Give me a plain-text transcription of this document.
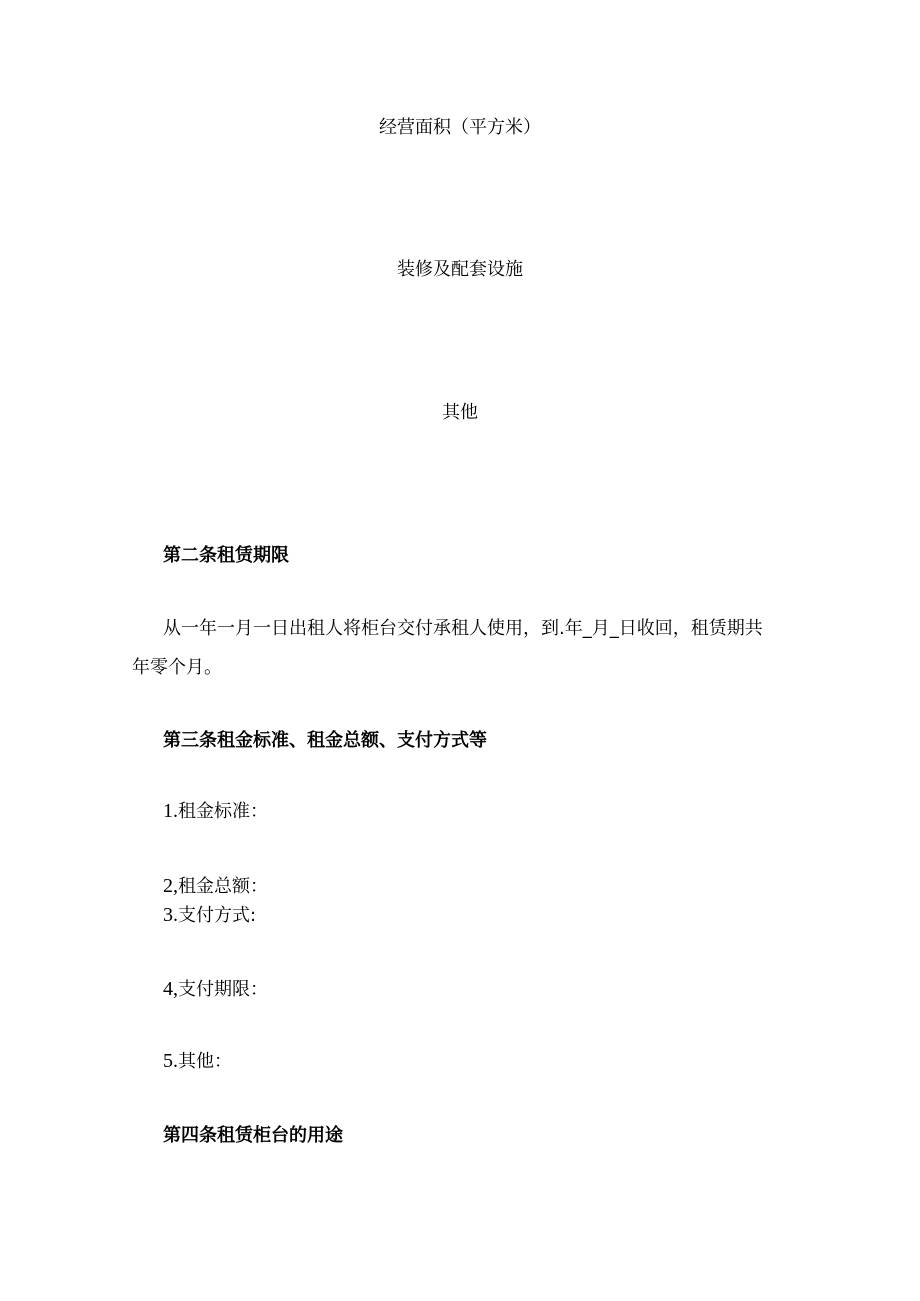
经营面积（平方米）
装修及配套设施
其他
第二条租赁期限
从一年一月一日出租人将柜台交付承租人使用，到.年_月_日收回，租赁期共
年零个月。
第三条租金标准、租金总额、支付方式等
1.租金标准：
2,租金总额：
3.支付方式:
4,支付期限：
5.其他：
第四条租赁柜台的用途
